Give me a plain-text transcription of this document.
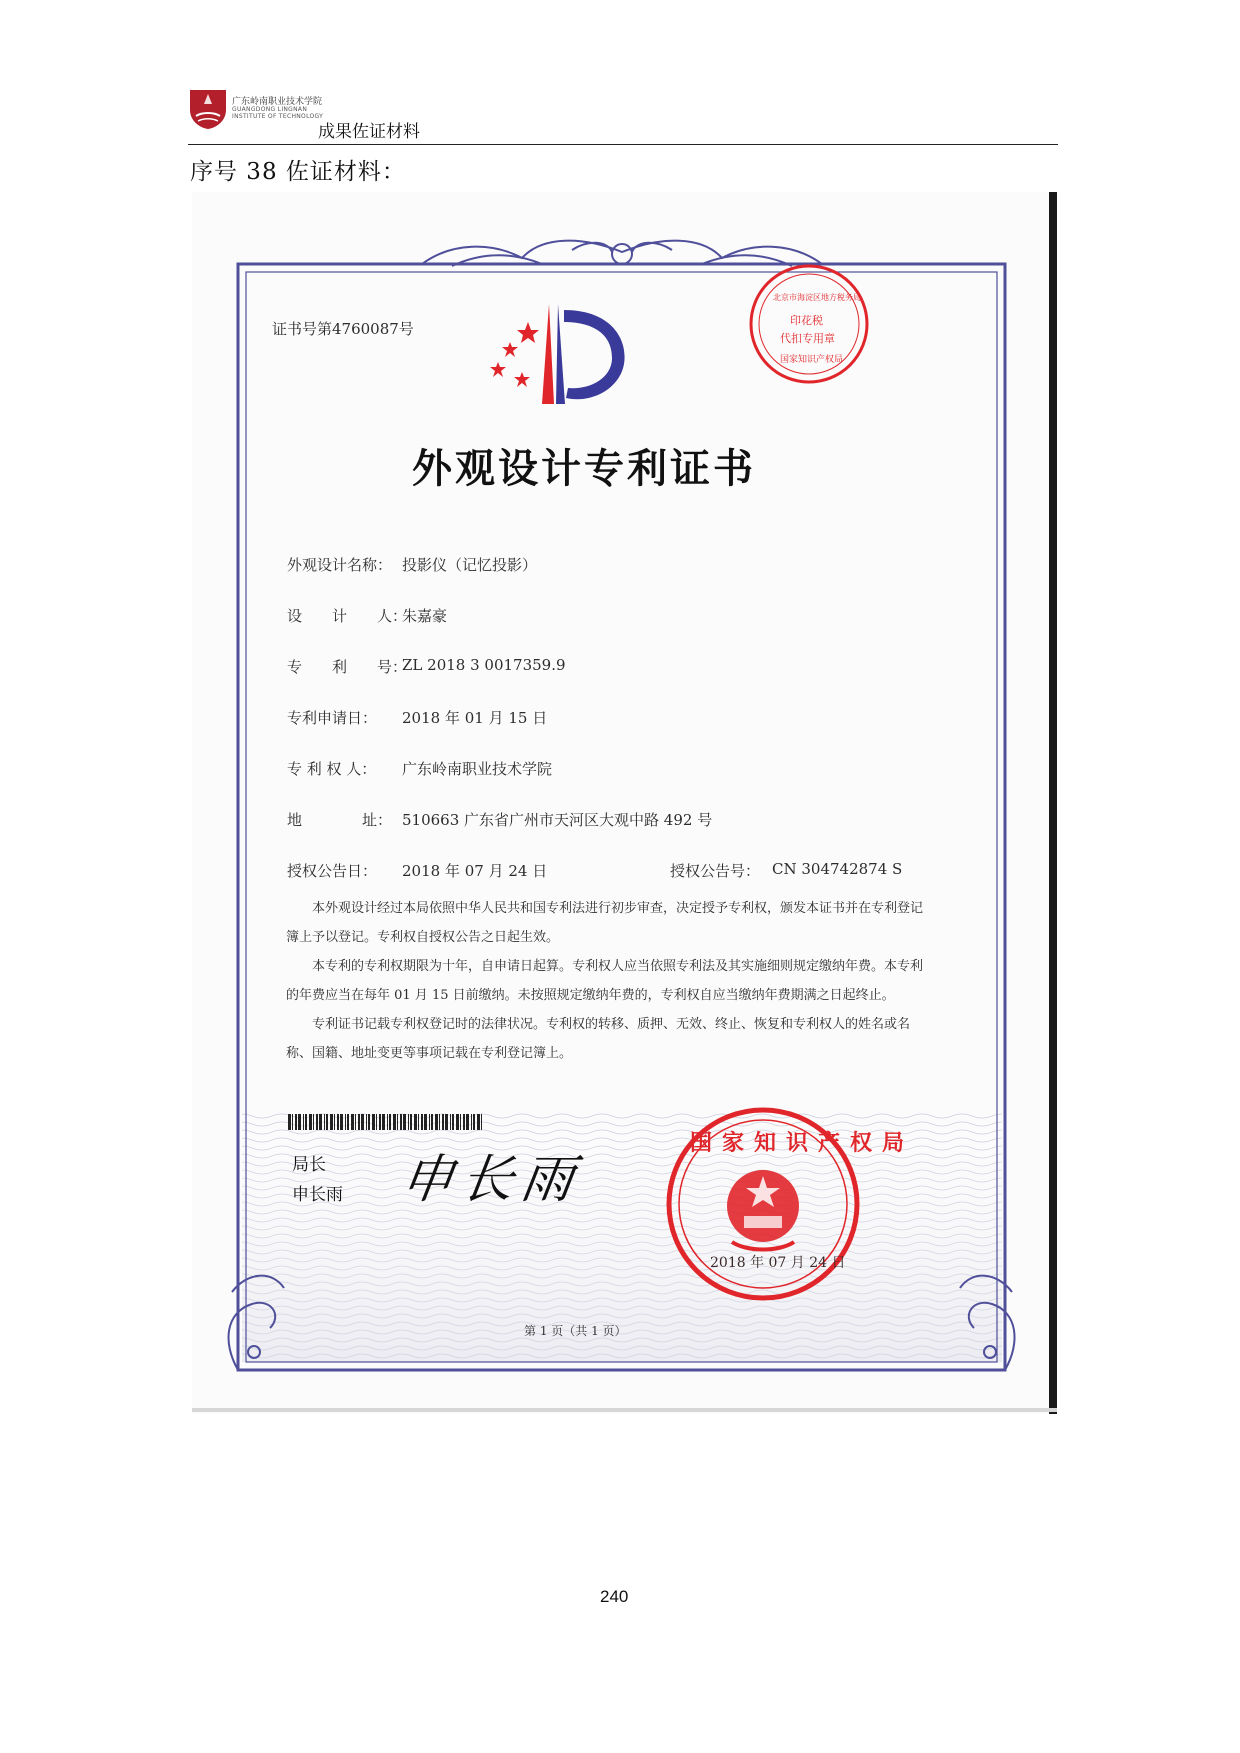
广东岭南职业技术学院
GUANGDONG LINGNAN
INSTITUTE OF TECHNOLOGY
成果佐证材料
序号 38 佐证材料：
证书号第4760087号
外观设计专利证书
北京市海淀区地方税务局
印花税
代扣专用章
国家知识产权局
外观设计名称： 投影仪（记忆投影）
设　　计　　人：
朱嘉豪
专　　利　　号：
ZL 2018 3 0017359.9
专利申请日： 2018 年 01 月 15 日
专 利 权 人： 广东岭南职业技术学院
地　　　　址： 510663 广东省广州市天河区大观中路 492 号
授权公告日： 2018 年 07 月 24 日	授权公告号： CN 304742874 S

本外观设计经过本局依照中华人民共和国专利法进行初步审查，决定授予专利权，颁发本证书并在专利登记簿上予以登记。专利权自授权公告之日起生效。

本专利的专利权期限为十年，自申请日起算。专利权人应当依照专利法及其实施细则规定缴纳年费。本专利的年费应当在每年 01 月 15 日前缴纳。未按照规定缴纳年费的，专利权自应当缴纳年费期满之日起终止。

专利证书记载专利权登记时的法律状况。专利权的转移、质押、无效、终止、恢复和专利权人的姓名或名称、国籍、地址变更等事项记载在专利登记簿上。

局长
申长雨 申长雨
国家知识产权局
2018 年 07 月 24 日
第 1 页（共 1 页）
240
